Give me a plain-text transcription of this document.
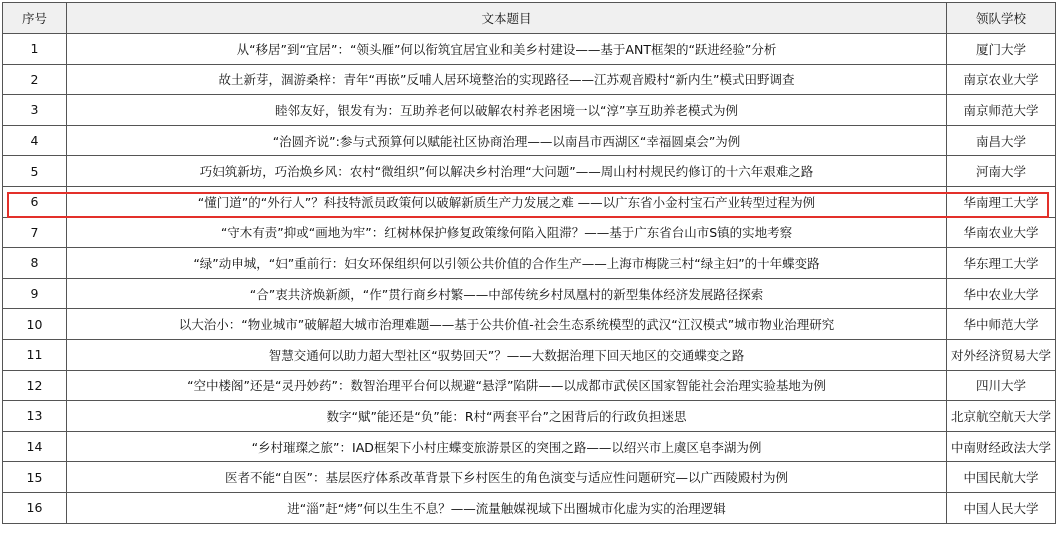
序号	文本题目	领队学校
1	从“移居”到“宜居”：“领头雁”何以衔筑宜居宜业和美乡村建设——基于ANT框架的“跃进经验”分析	厦门大学
2	故土新芽，涸游桑梓：青年“再嵌”反哺人居环境整治的实现路径——江苏观音殿村“新内生”模式田野调查	南京农业大学
3	睦邻友好，银发有为：互助养老何以破解农村养老困境一以“淳”享互助养老模式为例	南京师范大学
4	“治圆齐说”:参与式预算何以赋能社区协商治理——以南昌市西湖区“幸福圆桌会”为例	南昌大学
5	巧妇筑新坊，巧治焕乡风：农村“微组织”何以解决乡村治理“大问题”——周山村村规民约修订的十六年艰难之路	河南大学
6	“懂门道”的“外行人”？科技特派员政策何以破解新质生产力发展之难 ——以广东省小金村宝石产业转型过程为例	华南理工大学
7	“守木有责”抑或“画地为牢”：红树林保护修复政策缘何陷入阻滞？——基于广东省台山市S镇的实地考察	华南农业大学
8	“绿”动申城，“妇”重前行：妇女环保组织何以引领公共价值的合作生产——上海市梅陇三村“绿主妇”的十年蝶变路	华东理工大学
9	“合”衷共济焕新颜，“作”贯行商乡村繁——中部传统乡村凤凰村的新型集体经济发展路径探索	华中农业大学
10	以大治小：“物业城市”破解超大城市治理难题——基于公共价值-社会生态系统模型的武汉“江汉模式”城市物业治理研究	华中师范大学
11	智慧交通何以助力超大型社区“驭势回天”？——大数据治理下回天地区的交通蝶变之路	对外经济贸易大学
12	“空中楼阁”还是“灵丹妙药”：数智治理平台何以规避“悬浮”陷阱——以成都市武侯区国家智能社会治理实验基地为例	四川大学
13	数字“赋”能还是“负”能：R村“两套平台”之困背后的行政负担迷思	北京航空航天大学
14	“乡村璀璨之旅”：IAD框架下小村庄蝶变旅游景区的突围之路——以绍兴市上虞区皂李湖为例	中南财经政法大学
15	医者不能“自医”：基层医疗体系改革背景下乡村医生的角色演变与适应性问题研究—以广西陵殿村为例	中国民航大学
16	进“淄”赶“烤”何以生生不息？——流量触媒视域下出圈城市化虚为实的治理逻辑	中国人民大学
